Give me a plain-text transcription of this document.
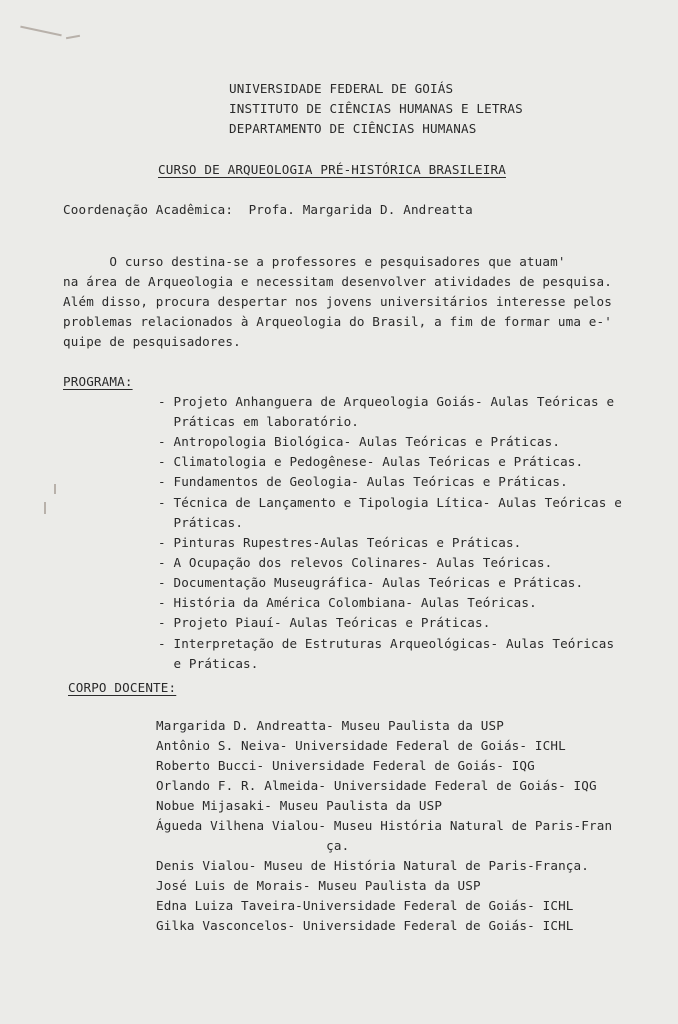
UNIVERSIDADE FEDERAL DE GOIÁS
INSTITUTO DE CIÊNCIAS HUMANAS E LETRAS
DEPARTAMENTO DE CIÊNCIAS HUMANAS
CURSO DE ARQUEOLOGIA PRÉ-HISTÓRICA BRASILEIRA
Coordenação Acadêmica:  Profa. Margarida D. Andreatta
O curso destina-se a professores e pesquisadores que atuam'
na área de Arqueologia e necessitam desenvolver atividades de pesquisa.
Além disso, procura despertar nos jovens universitários interesse pelos
problemas relacionados à Arqueologia do Brasil, a fim de formar uma e-'
quipe de pesquisadores.
PROGRAMA:
- Projeto Anhanguera de Arqueologia Goiás- Aulas Teóricas e
Práticas em laboratório.
- Antropologia Biológica- Aulas Teóricas e Práticas.
- Climatologia e Pedogênese- Aulas Teóricas e Práticas.
- Fundamentos de Geologia- Aulas Teóricas e Práticas.
- Técnica de Lançamento e Tipologia Lítica- Aulas Teóricas e
Práticas.
- Pinturas Rupestres-Aulas Teóricas e Práticas.
- A Ocupação dos relevos Colinares- Aulas Teóricas.
- Documentação Museugráfica- Aulas Teóricas e Práticas.
- História da América Colombiana- Aulas Teóricas.
- Projeto Piauí- Aulas Teóricas e Práticas.
- Interpretação de Estruturas Arqueológicas- Aulas Teóricas
e Práticas.
CORPO DOCENTE:
Margarida D. Andreatta- Museu Paulista da USP
Antônio S. Neiva- Universidade Federal de Goiás- ICHL
Roberto Bucci- Universidade Federal de Goiás- IQG
Orlando F. R. Almeida- Universidade Federal de Goiás- IQG
Nobue Mijasaki- Museu Paulista da USP
Águeda Vilhena Vialou- Museu História Natural de Paris-Fran
ça.
Denis Vialou- Museu de História Natural de Paris-França.
José Luis de Morais- Museu Paulista da USP
Edna Luiza Taveira-Universidade Federal de Goiás- ICHL
Gilka Vasconcelos- Universidade Federal de Goiás- ICHL
